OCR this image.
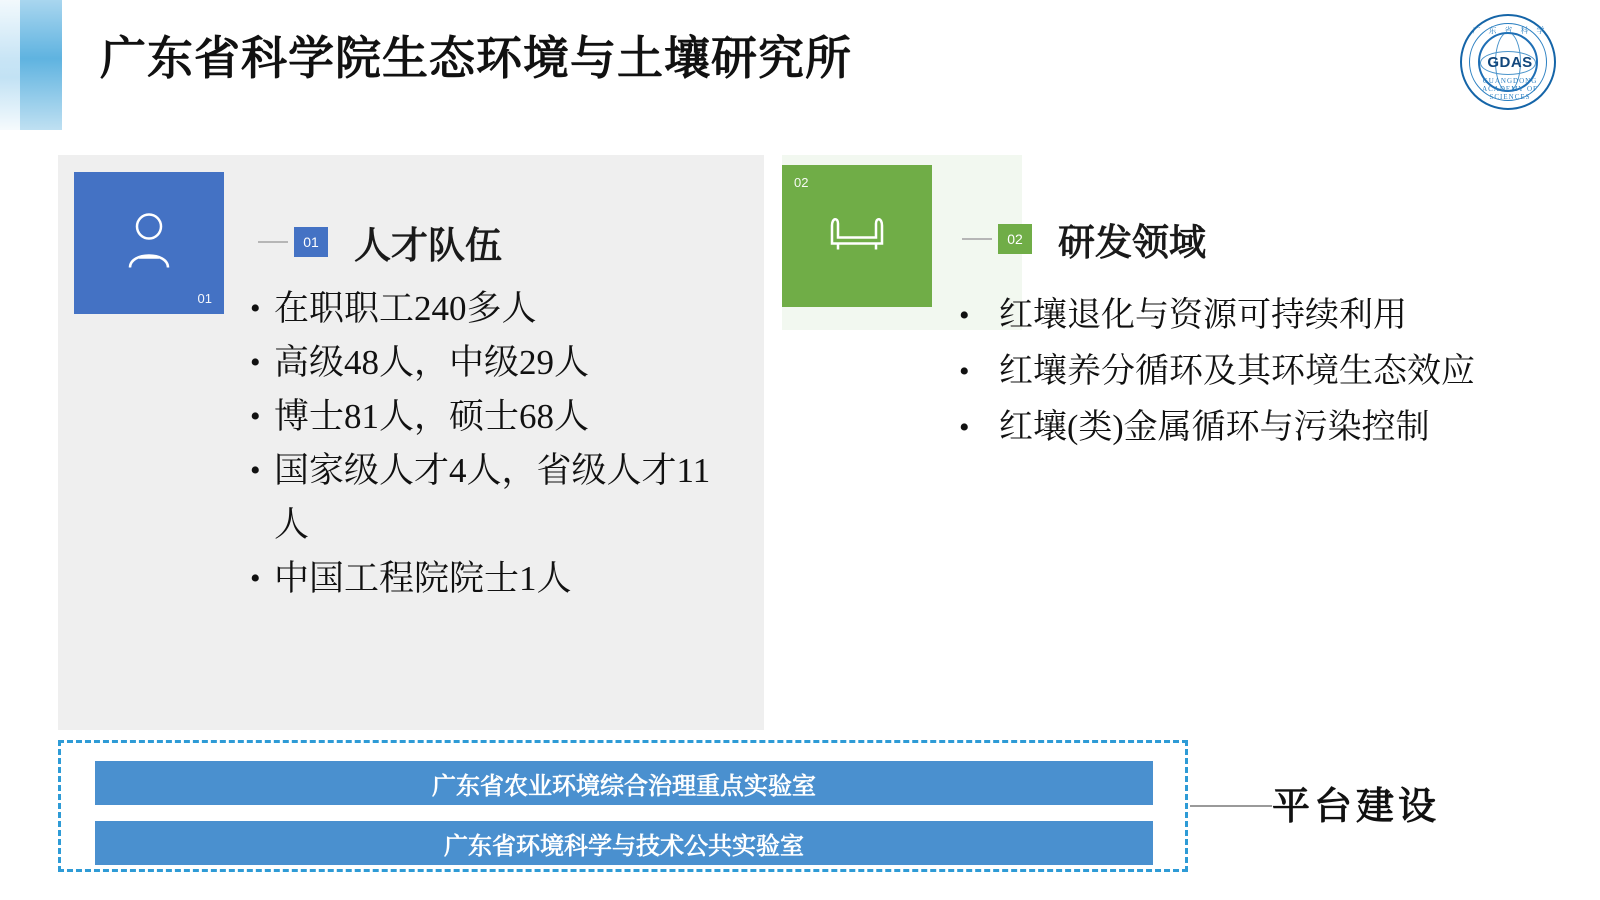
广东省科学院生态环境与土壤研究所
广 东 省 科 学
GDAS
GUANGDONG ACADEMY OF SCIENCES
01
01 人才队伍
• 在职职工240多人
• 高级48人，中级29人
• 博士81人，硕士68人
• 国家级人才4人，省级人才11人
• 中国工程院院士1人
02
02 研发领域
• 红壤退化与资源可持续利用
• 红壤养分循环及其环境生态效应
• 红壤(类)金属循环与污染控制
广东省农业环境综合治理重点实验室
广东省环境科学与技术公共实验室
平台建设
